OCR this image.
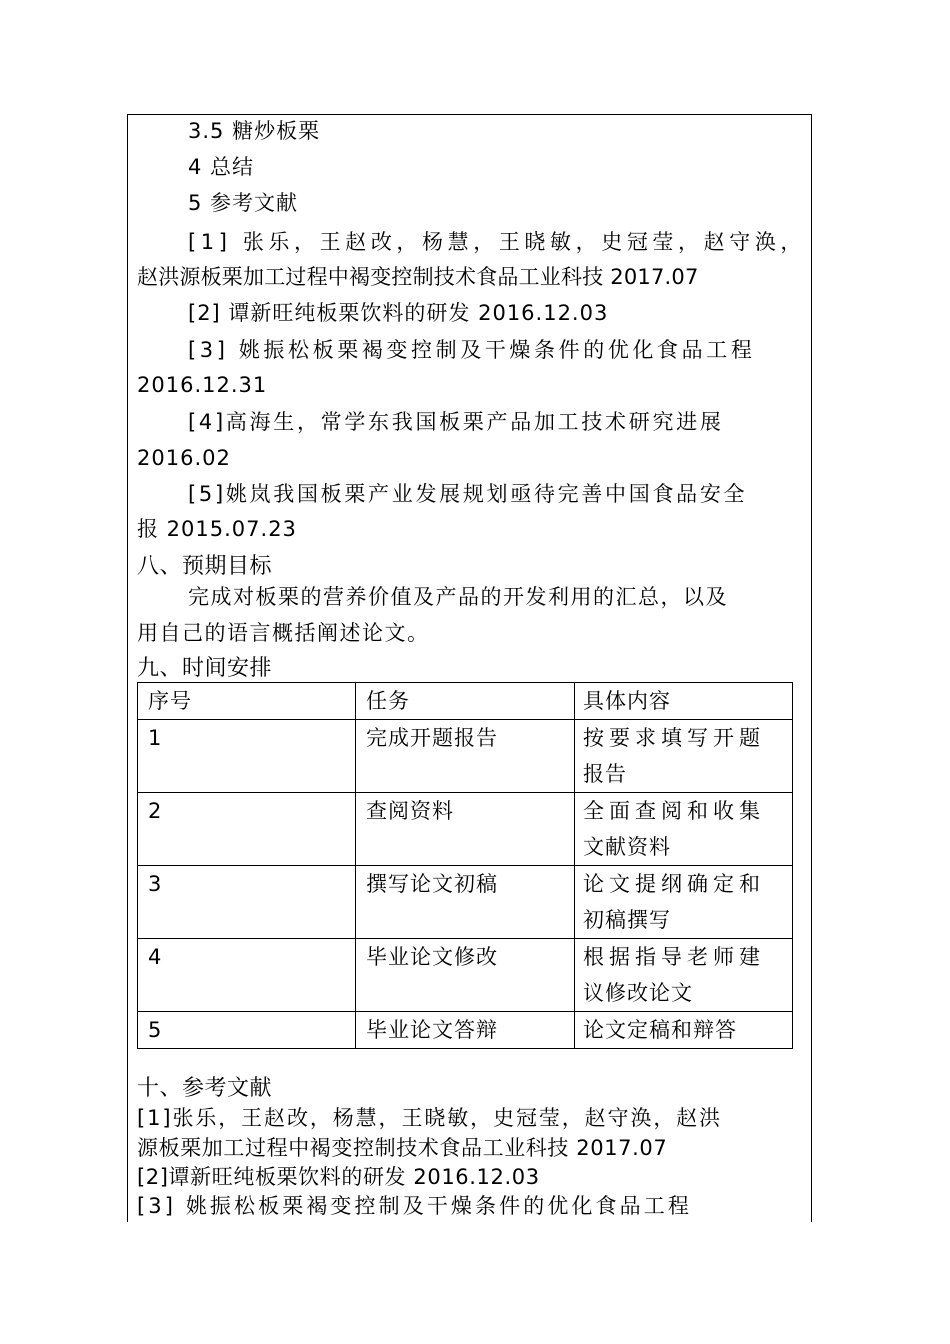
3.5 糖炒板栗
4 总结
5 参考文献
[1] 张乐，王赵改，杨慧，王晓敏，史冠莹，赵守涣，
赵洪源板栗加工过程中褐变控制技术食品工业科技 2017.07
[2] 谭新旺纯板栗饮料的研发 2016.12.03
[3] 姚振松板栗褐变控制及干燥条件的优化食品工程
2016.12.31
[4]高海生，常学东我国板栗产品加工技术研究进展
2016.02
[5]姚岚我国板栗产业发展规划亟待完善中国食品安全
报 2015.07.23
八、预期目标
完成对板栗的营养价值及产品的开发利用的汇总，以及
用自己的语言概括阐述论文。
九、时间安排
序号	任务	具体内容
1	完成开题报告	按要求填写开题
报告

2	查阅资料	全面查阅和收集
文献资料

3	撰写论文初稿	论文提纲确定和
初稿撰写

4	毕业论文修改	根据指导老师建
议修改论文

5	毕业论文答辩	论文定稿和辩答
十、参考文献
[1]张乐，王赵改，杨慧，王晓敏，史冠莹，赵守涣，赵洪
源板栗加工过程中褐变控制技术食品工业科技 2017.07
[2]谭新旺纯板栗饮料的研发 2016.12.03
[3] 姚振松板栗褐变控制及干燥条件的优化食品工程
